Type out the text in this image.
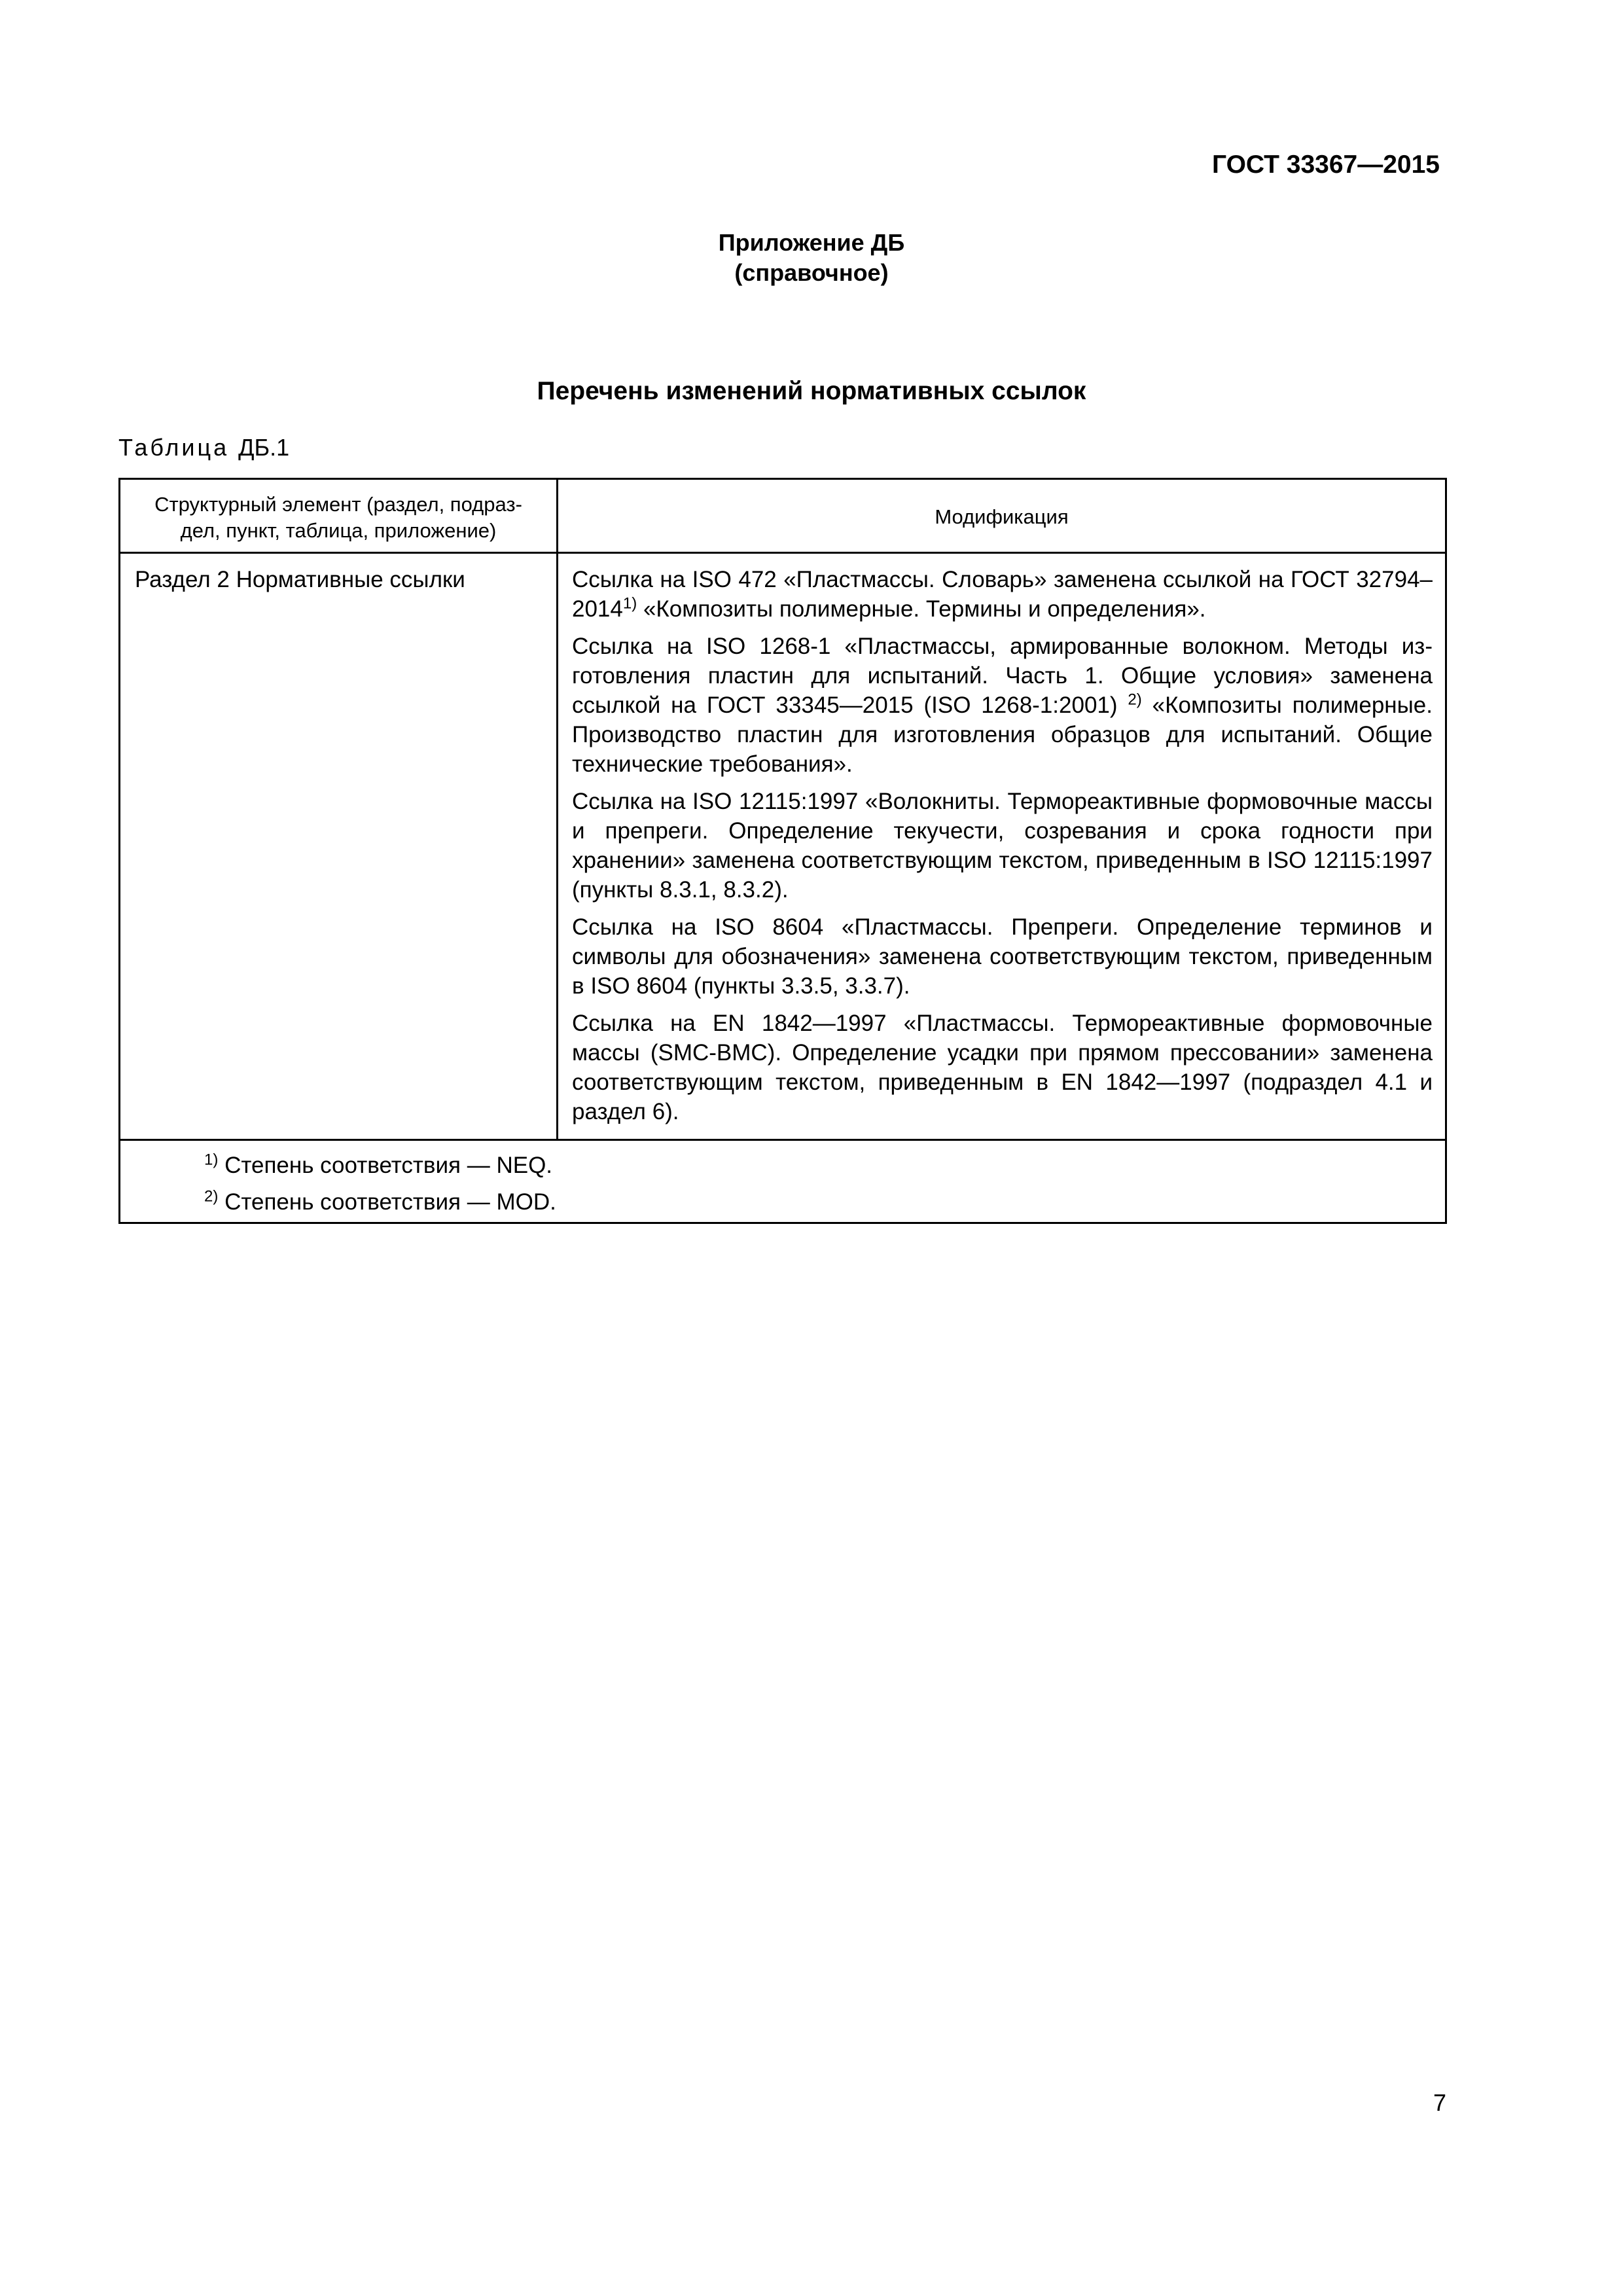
ГОСТ 33367—2015
Приложение ДБ
(справочное)
Перечень изменений нормативных ссылок
Таблица ДБ.1
Структурный элемент (раздел, подраз-
дел, пункт, таблица, приложение)
Модификация
Раздел 2 Нормативные ссылки	Ссылка на ISO 472 «Пластмассы. Словарь» заменена ссылкой на ГОСТ 32794–2014$^{1)}$ «Композиты полимерные. Термины и определения».

Ссылка на ISO 1268-1 «Пластмассы, армированные волокном. Методы изготовления пластин для испытаний. Часть 1. Общие условия» заменена ссылкой на ГОСТ 33345—2015 (ISO 1268-1:2001) $^{2)}$ «Композиты полимерные. Производство пластин для изготовления образцов для испытаний. Общие технические требования».

Ссылка на ISO 12115:1997 «Волокниты. Термореактивные формовочные массы и препреги. Определение текучести, созревания и срока годности при хранении» заменена соответствующим текстом, приведенным в ISO 12115:1997 (пункты 8.3.1, 8.3.2).

Ссылка на ISO 8604 «Пластмассы. Препреги. Определение терминов и символы для обозначения» заменена соответствующим текстом, приведенным в ISO 8604 (пункты 3.3.5, 3.3.7).

Ссылка на EN 1842—1997 «Пластмассы. Термореактивные формовочные массы (SMC-BMC). Определение усадки при прямом прессовании» заменена соответствующим текстом, приведенным в EN 1842—1997 (подраздел 4.1 и раздел 6).

$^{1)}$ Степень соответствия — NEQ.
$^{2)}$ Степень соответствия — MOD.
7
